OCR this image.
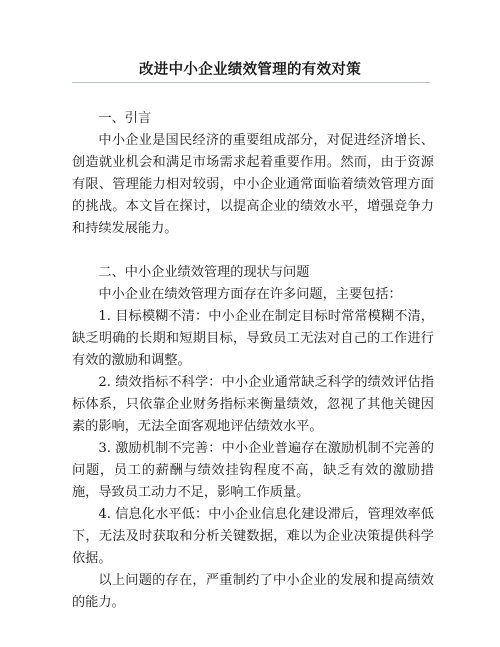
改进中小企业绩效管理的有效对策
一、引言

中小企业是国民经济的重要组成部分，对促进经济增长、创造就业机会和满足市场需求起着重要作用。然而，由于资源有限、管理能力相对较弱，中小企业通常面临着绩效管理方面的挑战。本文旨在探讨，以提高企业的绩效水平，增强竞争力和持续发展能力。

二、中小企业绩效管理的现状与问题

中小企业在绩效管理方面存在许多问题，主要包括：

1. 目标模糊不清：中小企业在制定目标时常常模糊不清，缺乏明确的长期和短期目标，导致员工无法对自己的工作进行有效的激励和调整。

2. 绩效指标不科学：中小企业通常缺乏科学的绩效评估指标体系，只依靠企业财务指标来衡量绩效，忽视了其他关键因素的影响，无法全面客观地评估绩效水平。

3. 激励机制不完善：中小企业普遍存在激励机制不完善的问题，员工的薪酬与绩效挂钩程度不高，缺乏有效的激励措施，导致员工动力不足，影响工作质量。

4. 信息化水平低：中小企业信息化建设滞后，管理效率低下，无法及时获取和分析关键数据，难以为企业决策提供科学依据。

以上问题的存在，严重制约了中小企业的发展和提高绩效的能力。
